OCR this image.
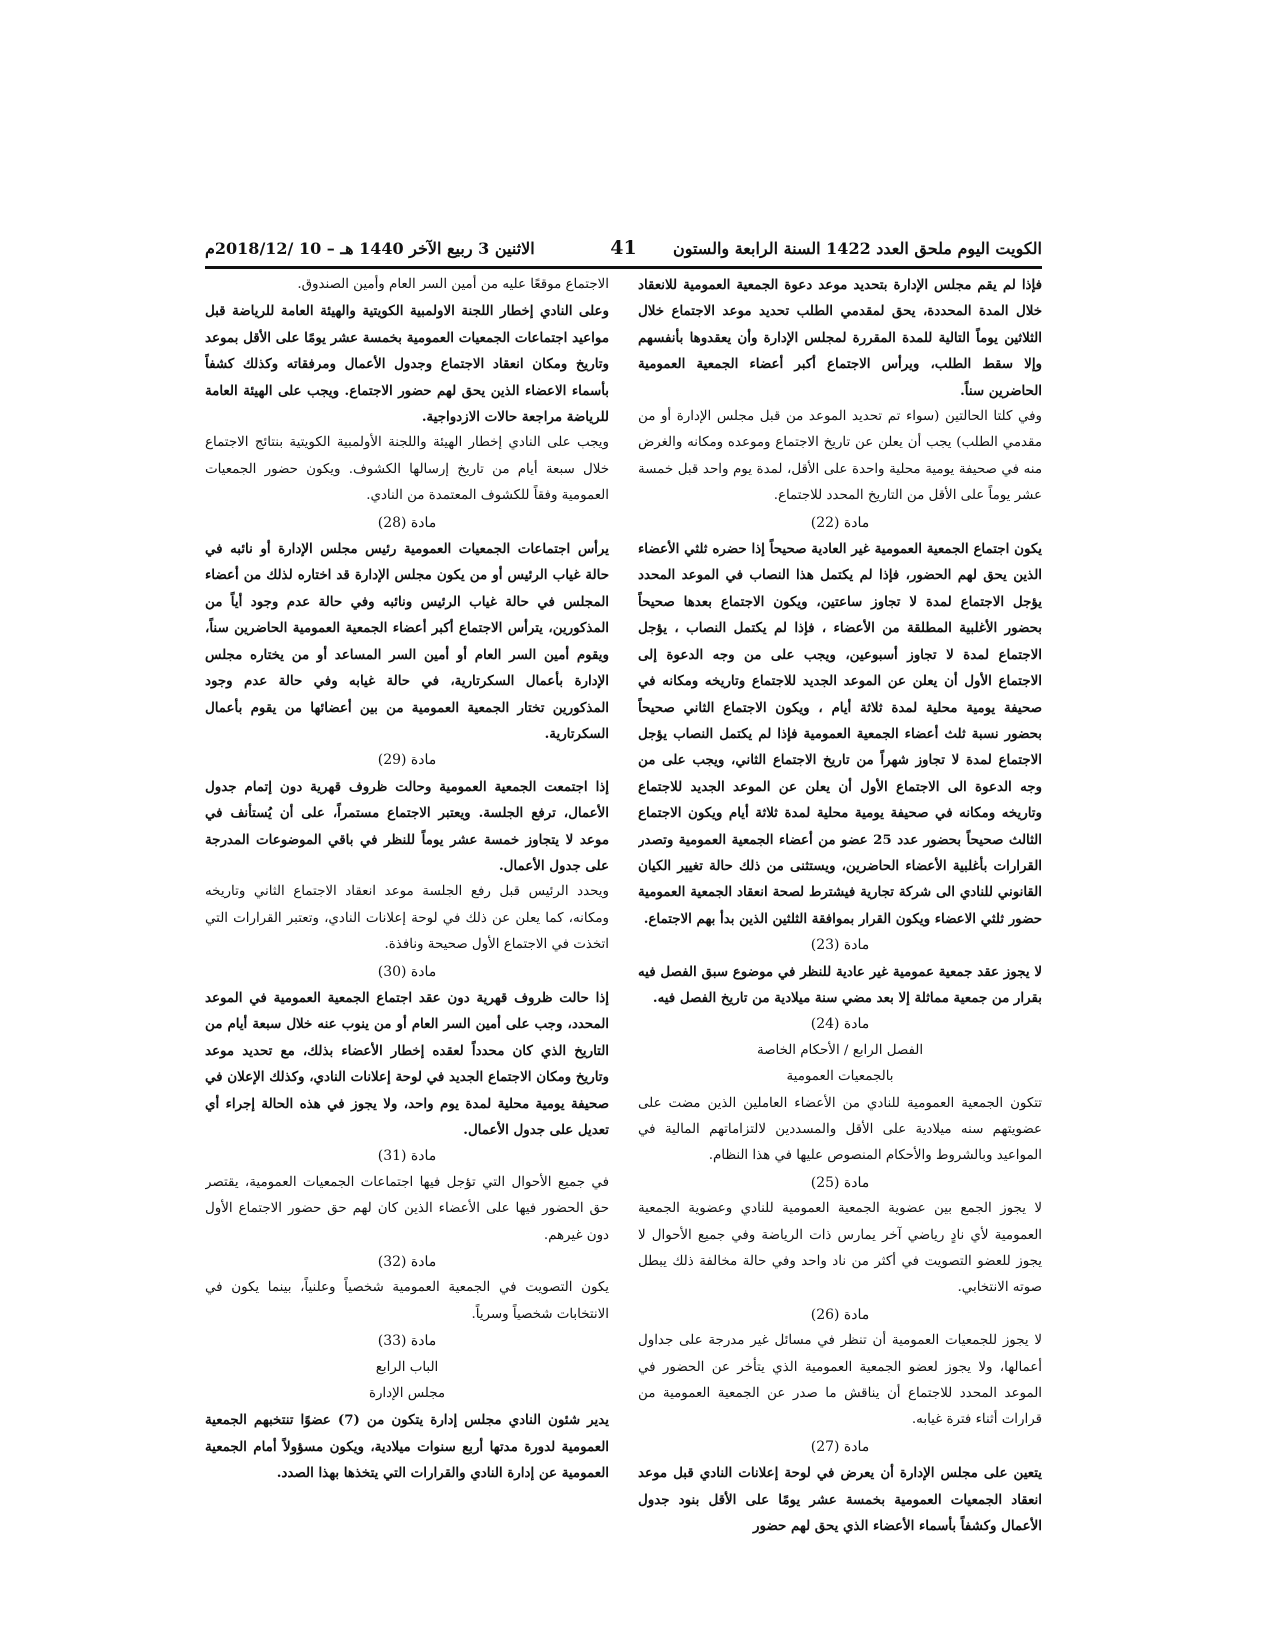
الكويت اليوم ملحق العدد 1422 السنة الرابعة والستون
41
الاثنين 3 ربيع الآخر 1440 هـ – 10 /2018/12م

فإذا لم يقم مجلس الإدارة بتحديد موعد دعوة الجمعية العمومية للانعقاد خلال المدة المحددة، يحق لمقدمي الطلب تحديد موعد الاجتماع خلال الثلاثين يوماً التالية للمدة المقررة لمجلس الإدارة وأن يعقدوها بأنفسهم وإلا سقط الطلب، ويرأس الاجتماع أكبر أعضاء الجمعية العمومية الحاضرين سناً.

وفي كلتا الحالتين (سواء تم تحديد الموعد من قبل مجلس الإدارة أو من مقدمي الطلب) يجب أن يعلن عن تاريخ الاجتماع وموعده ومكانه والغرض منه في صحيفة يومية محلية واحدة على الأقل، لمدة يوم واحد قبل خمسة عشر يوماً على الأقل من التاريخ المحدد للاجتماع.

مادة (22)

يكون اجتماع الجمعية العمومية غير العادية صحيحاً إذا حضره ثلثي الأعضاء الذين يحق لهم الحضور، فإذا لم يكتمل هذا النصاب في الموعد المحدد يؤجل الاجتماع لمدة لا تجاوز ساعتين، ويكون الاجتماع بعدها صحيحاً بحضور الأغلبية المطلقة من الأعضاء ، فإذا لم يكتمل النصاب ، يؤجل الاجتماع لمدة لا تجاوز أسبوعين، ويجب على من وجه الدعوة إلى الاجتماع الأول أن يعلن عن الموعد الجديد للاجتماع وتاريخه ومكانه في صحيفة يومية محلية لمدة ثلاثة أيام ، ويكون الاجتماع الثاني صحيحاً بحضور نسبة ثلث أعضاء الجمعية العمومية فإذا لم يكتمل النصاب يؤجل الاجتماع لمدة لا تجاوز شهراً من تاريخ الاجتماع الثاني، ويجب على من وجه الدعوة الى الاجتماع الأول أن يعلن عن الموعد الجديد للاجتماع وتاريخه ومكانه في صحيفة يومية محلية لمدة ثلاثة أيام ويكون الاجتماع الثالث صحيحاً بحضور عدد 25 عضو من أعضاء الجمعية العمومية وتصدر القرارات بأغلبية الأعضاء الحاضرين، ويستثنى من ذلك حالة تغيير الكيان القانوني للنادي الى شركة تجارية فيشترط لصحة انعقاد الجمعية العمومية حضور ثلثي الاعضاء ويكون القرار بموافقة الثلثين الذين بدأ بهم الاجتماع.

مادة (23)

لا يجوز عقد جمعية عمومية غير عادية للنظر في موضوع سبق الفصل فيه بقرار من جمعية مماثلة إلا بعد مضي سنة ميلادية من تاريخ الفصل فيه.

مادة (24)

الفصل الرابع / الأحكام الخاصة

بالجمعيات العمومية

تتكون الجمعية العمومية للنادي من الأعضاء العاملين الذين مضت على عضويتهم سنه ميلادية على الأقل والمسددين لالتزاماتهم المالية في المواعيد وبالشروط والأحكام المنصوص عليها في هذا النظام.

مادة (25)

لا يجوز الجمع بين عضوية الجمعية العمومية للنادي وعضوية الجمعية العمومية لأي نادٍ رياضي آخر يمارس ذات الرياضة وفي جميع الأحوال لا يجوز للعضو التصويت في أكثر من ناد واحد وفي حالة مخالفة ذلك يبطل صوته الانتخابي.

مادة (26)

لا يجوز للجمعيات العمومية أن تنظر في مسائل غير مدرجة على جداول أعمالها، ولا يجوز لعضو الجمعية العمومية الذي يتأخر عن الحضور في الموعد المحدد للاجتماع أن يناقش ما صدر عن الجمعية العمومية من قرارات أثناء فترة غيابه.

مادة (27)

يتعين على مجلس الإدارة أن يعرض في لوحة إعلانات النادي قبل موعد انعقاد الجمعيات العمومية بخمسة عشر يومًا على الأقل بنود جدول الأعمال وكشفاً بأسماء الأعضاء الذي يحق لهم حضور

الاجتماع موقعًا عليه من أمين السر العام وأمين الصندوق.

وعلى النادي إخطار اللجنة الاولمبية الكويتية والهيئة العامة للرياضة قبل مواعيد اجتماعات الجمعيات العمومية بخمسة عشر يومًا على الأقل بموعد وتاريخ ومكان انعقاد الاجتماع وجدول الأعمال ومرفقاته وكذلك كشفاً بأسماء الاعضاء الذين يحق لهم حضور الاجتماع. ويجب على الهيئة العامة للرياضة مراجعة حالات الازدواجية.

ويجب على النادي إخطار الهيئة واللجنة الأولمبية الكويتية بنتائج الاجتماع خلال سبعة أيام من تاريخ إرسالها الكشوف. ويكون حضور الجمعيات العمومية وفقاً للكشوف المعتمدة من النادي.

مادة (28)

يرأس اجتماعات الجمعيات العمومية رئيس مجلس الإدارة أو نائبه في حالة غياب الرئيس أو من يكون مجلس الإدارة قد اختاره لذلك من أعضاء المجلس في حالة غياب الرئيس ونائبه وفي حالة عدم وجود أياً من المذكورين، يترأس الاجتماع أكبر أعضاء الجمعية العمومية الحاضرين سناً، ويقوم أمين السر العام أو أمين السر المساعد أو من يختاره مجلس الإدارة بأعمال السكرتارية، في حالة غيابه وفي حالة عدم وجود المذكورين تختار الجمعية العمومية من بين أعضائها من يقوم بأعمال السكرتارية.

مادة (29)

إذا اجتمعت الجمعية العمومية وحالت ظروف قهرية دون إتمام جدول الأعمال، ترفع الجلسة. ويعتبر الاجتماع مستمراً، على أن يُستأنف في موعد لا يتجاوز خمسة عشر يوماً للنظر في باقي الموضوعات المدرجة على جدول الأعمال.

ويحدد الرئيس قبل رفع الجلسة موعد انعقاد الاجتماع الثاني وتاريخه ومكانه، كما يعلن عن ذلك في لوحة إعلانات النادي، وتعتبر القرارات التي اتخذت في الاجتماع الأول صحيحة ونافذة.

مادة (30)

إذا حالت ظروف قهرية دون عقد اجتماع الجمعية العمومية في الموعد المحدد، وجب على أمين السر العام أو من ينوب عنه خلال سبعة أيام من التاريخ الذي كان محدداً لعقده إخطار الأعضاء بذلك، مع تحديد موعد وتاريخ ومكان الاجتماع الجديد في لوحة إعلانات النادي، وكذلك الإعلان في صحيفة يومية محلية لمدة يوم واحد، ولا يجوز في هذه الحالة إجراء أي تعديل على جدول الأعمال.

مادة (31)

في جميع الأحوال التي تؤجل فيها اجتماعات الجمعيات العمومية، يقتصر حق الحضور فيها على الأعضاء الذين كان لهم حق حضور الاجتماع الأول دون غيرهم.

مادة (32)

يكون التصويت في الجمعية العمومية شخصياً وعلنياً، بينما يكون في الانتخابات شخصياً وسرياً.

مادة (33)

الباب الرابع

مجلس الإدارة

يدير شئون النادي مجلس إدارة يتكون من (7) عضوًا تنتخبهم الجمعية العمومية لدورة مدتها أربع سنوات ميلادية، ويكون مسؤولاً أمام الجمعية العمومية عن إدارة النادي والقرارات التي يتخذها بهذا الصدد.
